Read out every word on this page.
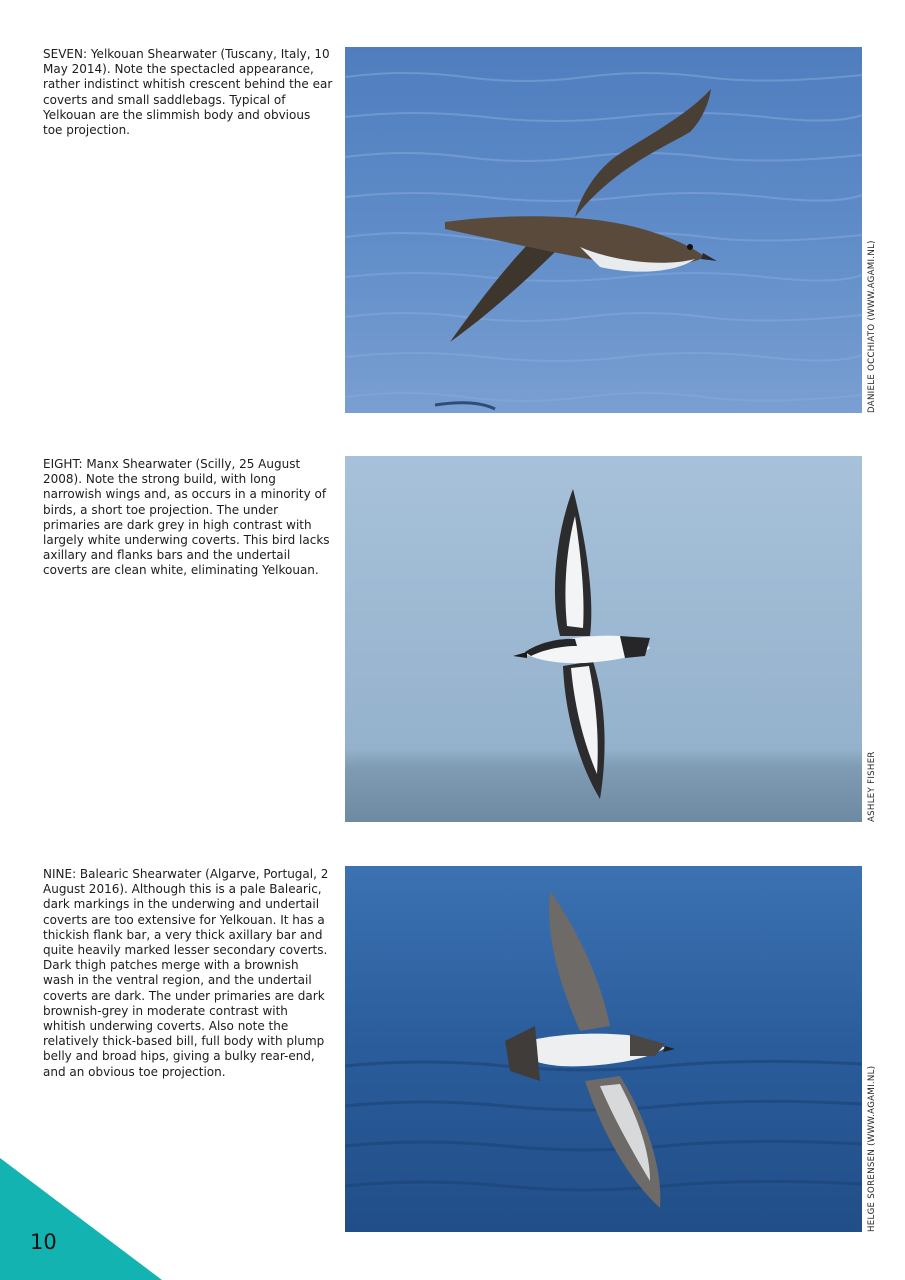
SEVEN: Yelkouan Shearwater (Tuscany, Italy, 10 May 2014). Note the spectacled appearance, rather indistinct whitish crescent behind the ear coverts and small saddlebags. Typical of Yelkouan are the slimmish body and obvious toe projection.
DANIELE OCCHIATO (WWW.AGAMI.NL)
EIGHT: Manx Shearwater (Scilly, 25 August 2008). Note the strong build, with long narrowish wings and, as occurs in a minority of birds, a short toe projection. The under primaries are dark grey in high contrast with largely white underwing coverts. This bird lacks axillary and flanks bars and the undertail coverts are clean white, eliminating Yelkouan.
ASHLEY FISHER
NINE: Balearic Shearwater (Algarve, Portugal, 2 August 2016). Although this is a pale Balearic, dark markings in the underwing and undertail coverts are too extensive for Yelkouan. It has a thickish flank bar, a very thick axillary bar and quite heavily marked lesser secondary coverts. Dark thigh patches merge with a brownish wash in the ventral region, and the undertail coverts are dark. The under primaries are dark brownish-grey in moderate contrast with whitish underwing coverts. Also note the relatively thick-based bill, full body with plump belly and broad hips, giving a bulky rear-end, and an obvious toe projection.	HELGE SORENSEN (WWW.AGAMI.NL)
10
